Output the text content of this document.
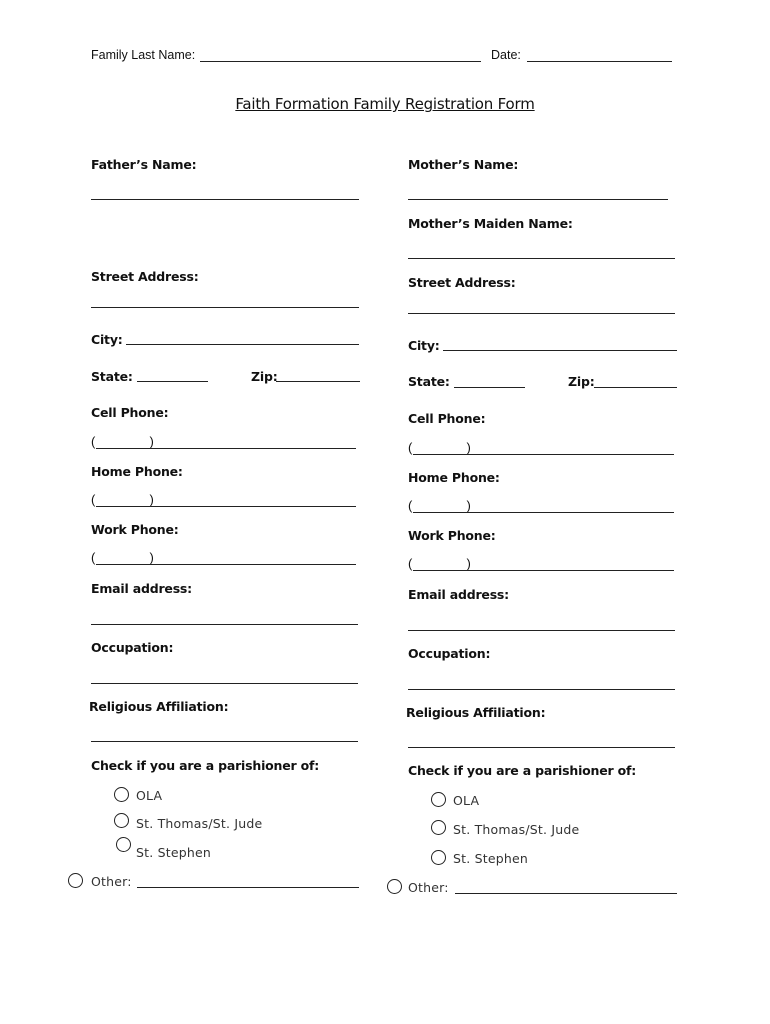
Family Last Name:	Date:
Faith Formation Family Registration Form
Father’s Name:
Street Address:
City:
State:	Zip:
Cell Phone:
(               )
Home Phone:
(               )
Work Phone:
(               )
Email address:
Occupation:
Religious Affiliation:
Check if you are a parishioner of:
OLA
St. Thomas/St. Jude
St. Stephen
Other:
Mother’s Name:
Mother’s Maiden Name:
Street Address:
City:
State:	Zip:
Cell Phone:
(               )
Home Phone:
(               )
Work Phone:
(               )
Email address:
Occupation:
Religious Affiliation:
Check if you are a parishioner of:
OLA
St. Thomas/St. Jude
St. Stephen
Other:
